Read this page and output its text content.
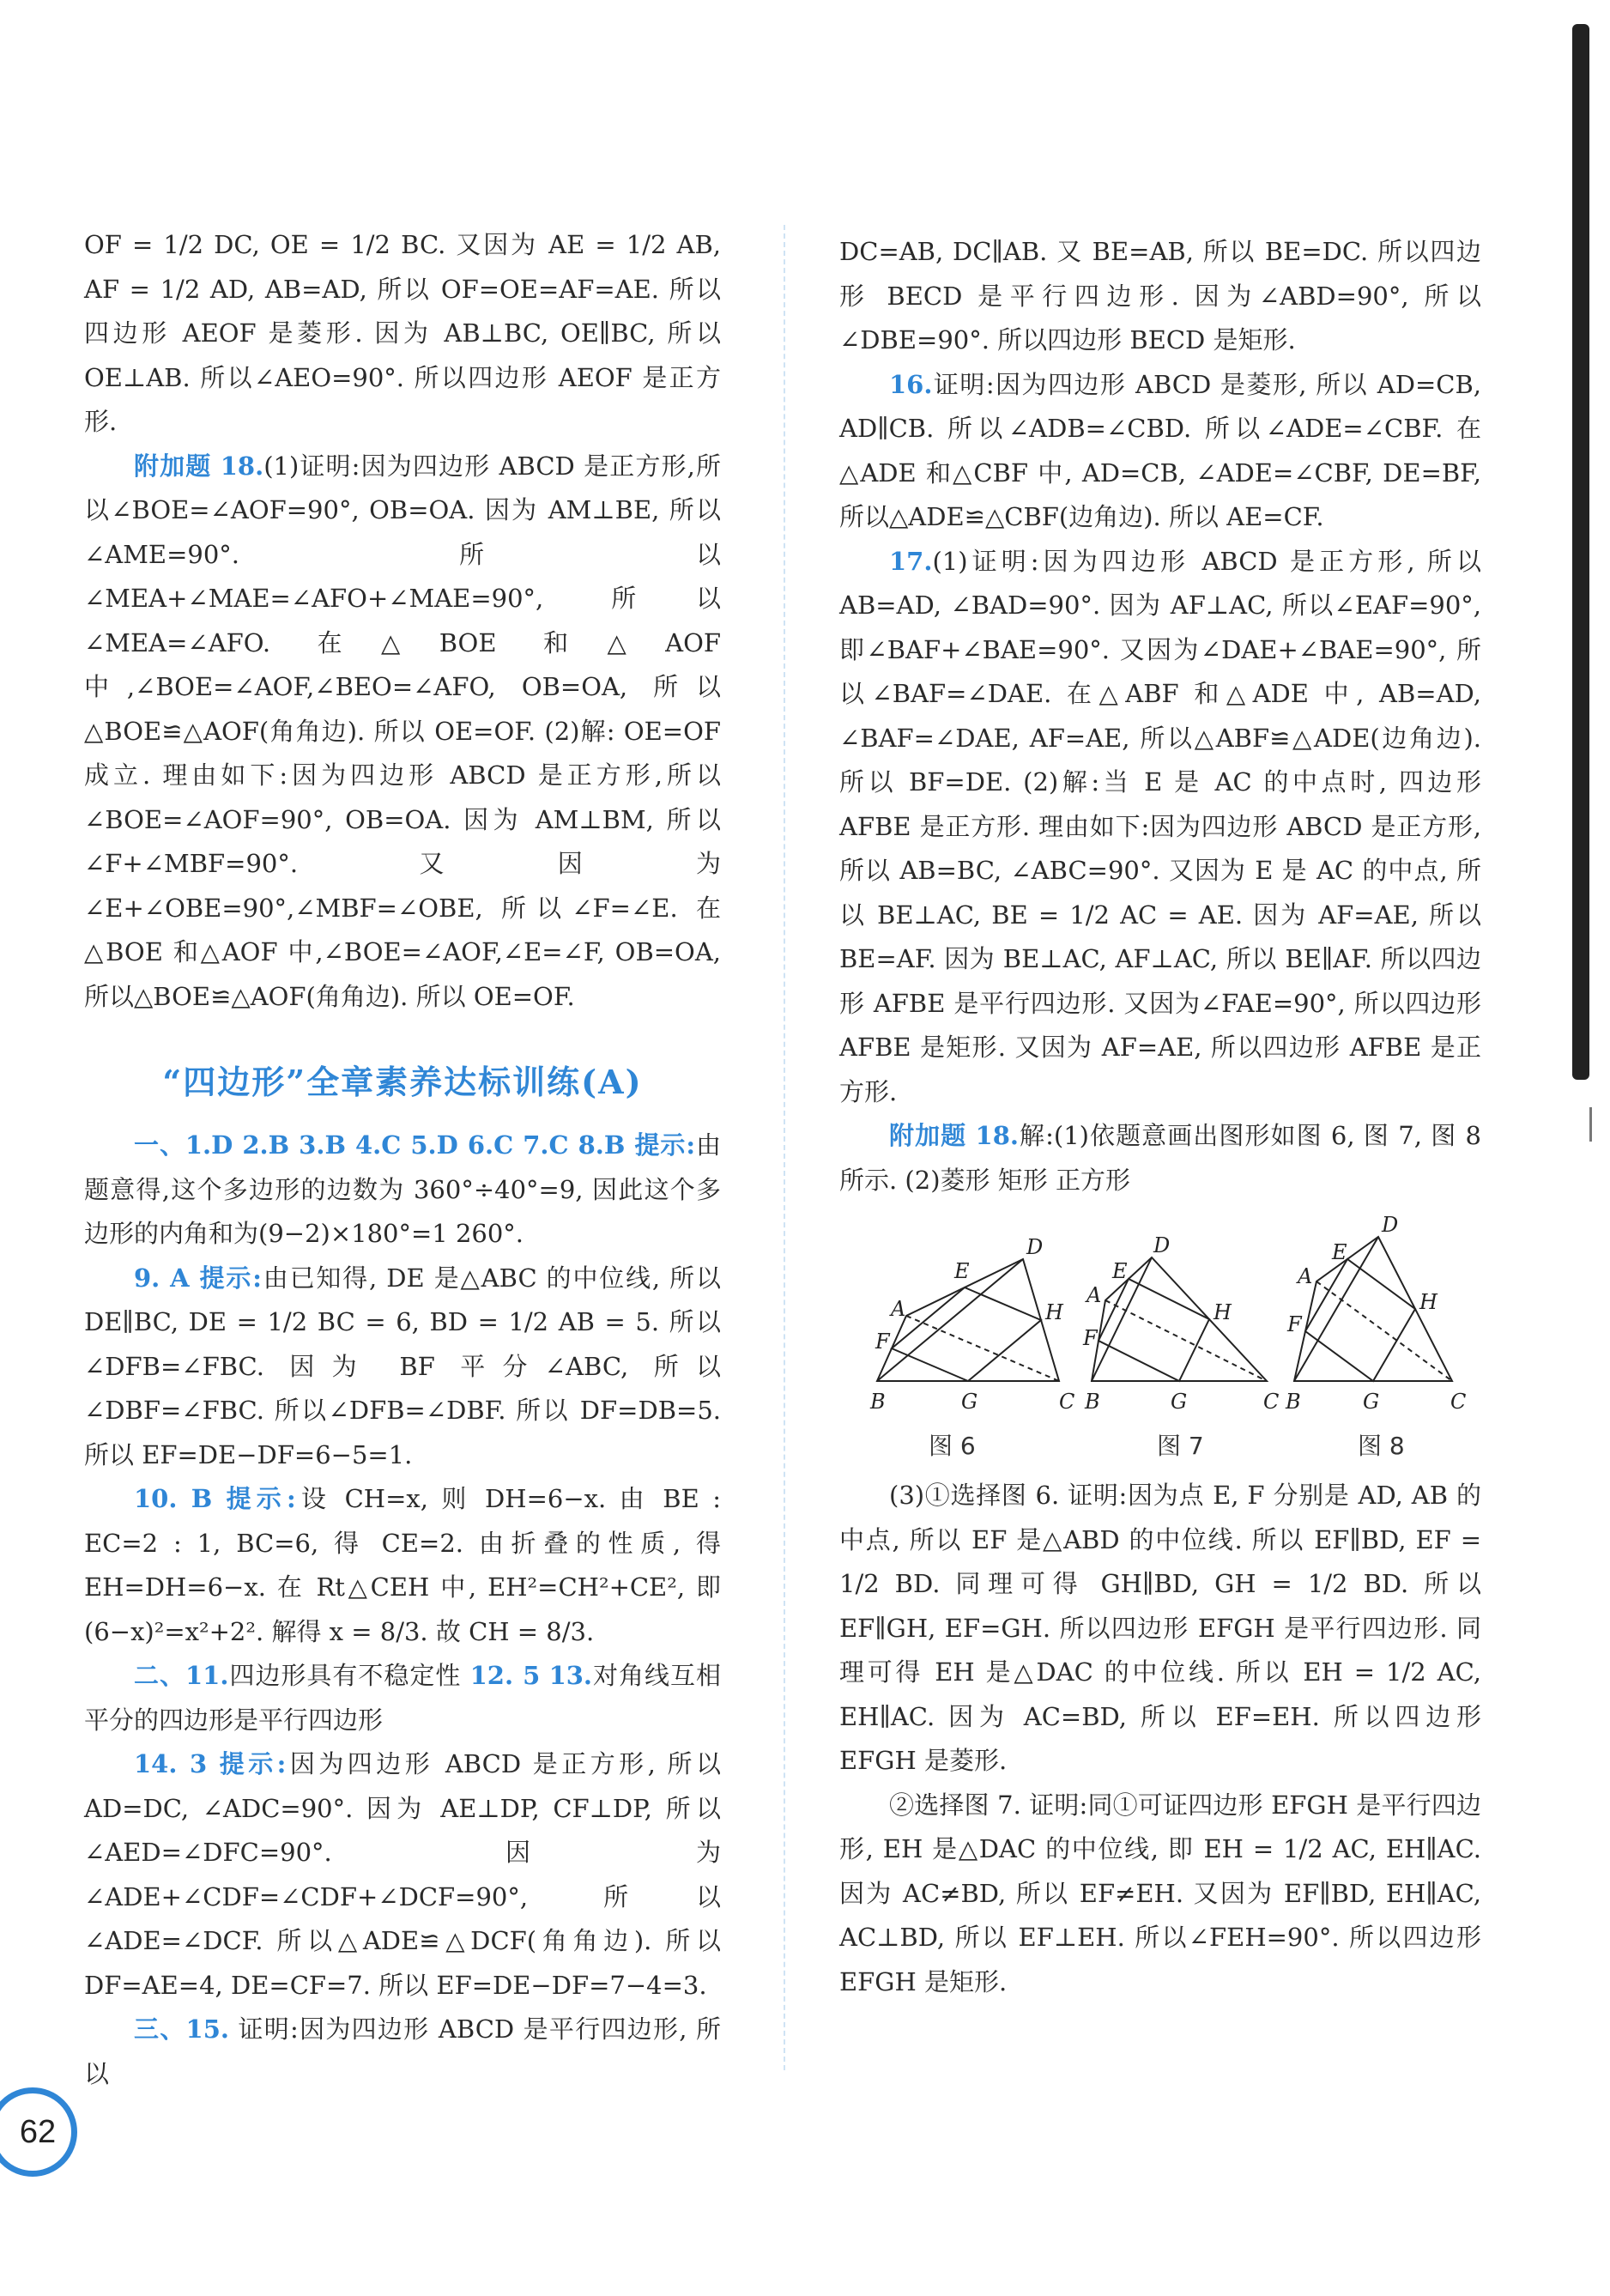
OF = 1/2 DC, OE = 1/2 BC. 又因为 AE = 1/2 AB, AF = 1/2 AD, AB=AD, 所以 OF=OE=AF=AE. 所以四边形 AEOF 是菱形. 因为 AB⊥BC, OE∥BC, 所以 OE⊥AB. 所以∠AEO=90°. 所以四边形 AEOF 是正方形.

附加题 18.(1)证明:因为四边形 ABCD 是正方形,所以∠BOE=∠AOF=90°, OB=OA. 因为 AM⊥BE, 所以∠AME=90°. 所以∠MEA+∠MAE=∠AFO+∠MAE=90°, 所以∠MEA=∠AFO. 在△BOE 和△AOF 中,∠BOE=∠AOF,∠BEO=∠AFO, OB=OA, 所以△BOE≌△AOF(角角边). 所以 OE=OF. (2)解: OE=OF 成立. 理由如下:因为四边形 ABCD 是正方形,所以∠BOE=∠AOF=90°, OB=OA. 因为 AM⊥BM, 所以∠F+∠MBF=90°. 又因为∠E+∠OBE=90°,∠MBF=∠OBE, 所以∠F=∠E. 在△BOE 和△AOF 中,∠BOE=∠AOF,∠E=∠F, OB=OA, 所以△BOE≌△AOF(角角边). 所以 OE=OF.

“四边形”全章素养达标训练(A)

一、1.D 2.B 3.B 4.C 5.D 6.C 7.C 8.B 提示:由题意得,这个多边形的边数为 360°÷40°=9, 因此这个多边形的内角和为(9−2)×180°=1 260°.

9. A 提示:由已知得, DE 是△ABC 的中位线, 所以 DE∥BC, DE = 1/2 BC = 6, BD = 1/2 AB = 5. 所以∠DFB=∠FBC. 因为 BF 平分∠ABC, 所以∠DBF=∠FBC. 所以∠DFB=∠DBF. 所以 DF=DB=5. 所以 EF=DE−DF=6−5=1.

10. B 提示:设 CH=x, 则 DH=6−x. 由 BE : EC=2 : 1, BC=6, 得 CE=2. 由折叠的性质, 得 EH=DH=6−x. 在 Rt△CEH 中, EH²=CH²+CE², 即(6−x)²=x²+2². 解得 x = 8/3. 故 CH = 8/3.

二、11.四边形具有不稳定性 12. 5 13.对角线互相平分的四边形是平行四边形

14. 3 提示:因为四边形 ABCD 是正方形, 所以 AD=DC, ∠ADC=90°. 因为 AE⊥DP, CF⊥DP, 所以∠AED=∠DFC=90°. 因为∠ADE+∠CDF=∠CDF+∠DCF=90°, 所以∠ADE=∠DCF. 所以△ADE≌△DCF(角角边). 所以 DF=AE=4, DE=CF=7. 所以 EF=DE−DF=7−4=3.

三、15. 证明:因为四边形 ABCD 是平行四边形, 所以

DC=AB, DC∥AB. 又 BE=AB, 所以 BE=DC. 所以四边形 BECD 是平行四边形. 因为∠ABD=90°, 所以∠DBE=90°. 所以四边形 BECD 是矩形.

16.证明:因为四边形 ABCD 是菱形, 所以 AD=CB, AD∥CB. 所以∠ADB=∠CBD. 所以∠ADE=∠CBF. 在△ADE 和△CBF 中, AD=CB, ∠ADE=∠CBF, DE=BF, 所以△ADE≌△CBF(边角边). 所以 AE=CF.

17.(1)证明:因为四边形 ABCD 是正方形, 所以 AB=AD, ∠BAD=90°. 因为 AF⊥AC, 所以∠EAF=90°, 即∠BAF+∠BAE=90°. 又因为∠DAE+∠BAE=90°, 所以∠BAF=∠DAE. 在△ABF 和△ADE 中, AB=AD, ∠BAF=∠DAE, AF=AE, 所以△ABF≌△ADE(边角边). 所以 BF=DE. (2)解:当 E 是 AC 的中点时, 四边形 AFBE 是正方形. 理由如下:因为四边形 ABCD 是正方形, 所以 AB=BC, ∠ABC=90°. 又因为 E 是 AC 的中点, 所以 BE⊥AC, BE = 1/2 AC = AE. 因为 AF=AE, 所以 BE=AF. 因为 BE⊥AC, AF⊥AC, 所以 BE∥AF. 所以四边形 AFBE 是平行四边形. 又因为∠FAE=90°, 所以四边形 AFBE 是矩形. 又因为 AF=AE, 所以四边形 AFBE 是正方形.

附加题 18.解:(1)依题意画出图形如图 6, 图 7, 图 8 所示. (2)菱形 矩形 正方形

B
A
D
C
E
F
G
H
B
A
D
C
E
F
G
H
B
A
D
C
E
F
G
H
图 6	图 7	图 8

(3)①选择图 6. 证明:因为点 E, F 分别是 AD, AB 的中点, 所以 EF 是△ABD 的中位线. 所以 EF∥BD, EF = 1/2 BD. 同理可得 GH∥BD, GH = 1/2 BD. 所以 EF∥GH, EF=GH. 所以四边形 EFGH 是平行四边形. 同理可得 EH 是△DAC 的中位线. 所以 EH = 1/2 AC, EH∥AC. 因为 AC=BD, 所以 EF=EH. 所以四边形 EFGH 是菱形.

②选择图 7. 证明:同①可证四边形 EFGH 是平行四边形, EH 是△DAC 的中位线, 即 EH = 1/2 AC, EH∥AC. 因为 AC≠BD, 所以 EF≠EH. 又因为 EF∥BD, EH∥AC, AC⊥BD, 所以 EF⊥EH. 所以∠FEH=90°. 所以四边形 EFGH 是矩形.

62
